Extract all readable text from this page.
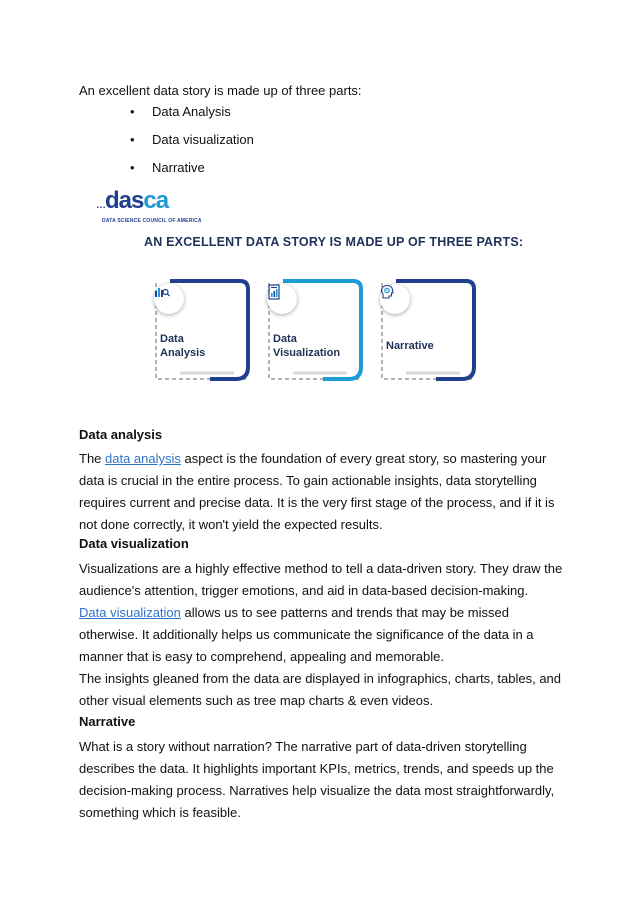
An excellent data story is made up of three parts:
• Data Analysis
• Data visualization
• Narrative
…dasca
DATA SCIENCE COUNCIL OF AMERICA
AN EXCELLENT DATA STORY IS MADE UP OF THREE PARTS:
Data
Analysis
Data
Visualization
Narrative
Data analysis
The data analysis aspect is the foundation of every great story, so mastering your data is crucial in the entire process. To gain actionable insights, data storytelling requires current and precise data. It is the very first stage of the process, and if it is not done correctly, it won't yield the expected results.
Data visualization
Visualizations are a highly effective method to tell a data-driven story. They draw the audience's attention, trigger emotions, and aid in data-based decision-making.
Data visualization allows us to see patterns and trends that may be missed otherwise. It additionally helps us communicate the significance of the data in a manner that is easy to comprehend, appealing and memorable.
The insights gleaned from the data are displayed in infographics, charts, tables, and other visual elements such as tree map charts & even videos.
Narrative
What is a story without narration? The narrative part of data-driven storytelling describes the data. It highlights important KPIs, metrics, trends, and speeds up the decision-making process. Narratives help visualize the data most straightforwardly, something which is feasible.
